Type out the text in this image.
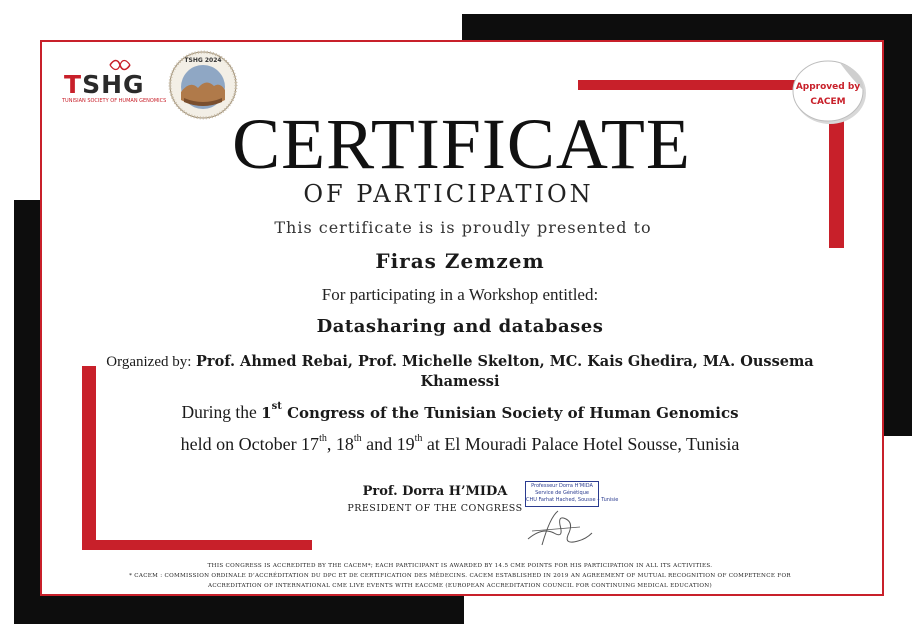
TSHG
TUNISIAN SOCIETY OF HUMAN GENOMICS
TSHG 2024
Approved by
CACEM
CERTIFICATE
OF PARTICIPATION
This certificate is is proudly presented to
Firas Zemzem
For participating in a Workshop entitled:
Datasharing and databases
Organized by: Prof. Ahmed Rebai, Prof. Michelle Skelton, MC. Kais Ghedira, MA. Oussema Khamessi
During the 1st Congress of the Tunisian Society of Human Genomics
held on October 17th, 18th and 19th at El Mouradi Palace Hotel Sousse, Tunisia
Prof. Dorra H’MIDA
PRESIDENT OF THE CONGRESS
Professeur Dorra H’MIDA
Service de Génétique
CHU Farhat Hached, Sousse – Tunisie
THIS CONGRESS IS ACCREDITED BY THE CACEM*; EACH PARTICIPANT IS AWARDED BY 14.5 CME POINTS FOR HIS PARTICIPATION IN ALL ITS ACTIVITIES.
* CACEM : COMMISSION ORDINALE D’ACCRÉDITATION DU DPC ET DE CERTIFICATION DES MÉDECINS. CACEM ESTABLISHED IN 2019 AN AGREEMENT OF MUTUAL RECOGNITION OF COMPETENCE FOR
ACCREDITATION OF INTERNATIONAL CME LIVE EVENTS WITH EACCME (EUROPEAN ACCREDITATION COUNCIL FOR CONTINUING MEDICAL EDUCATION)
